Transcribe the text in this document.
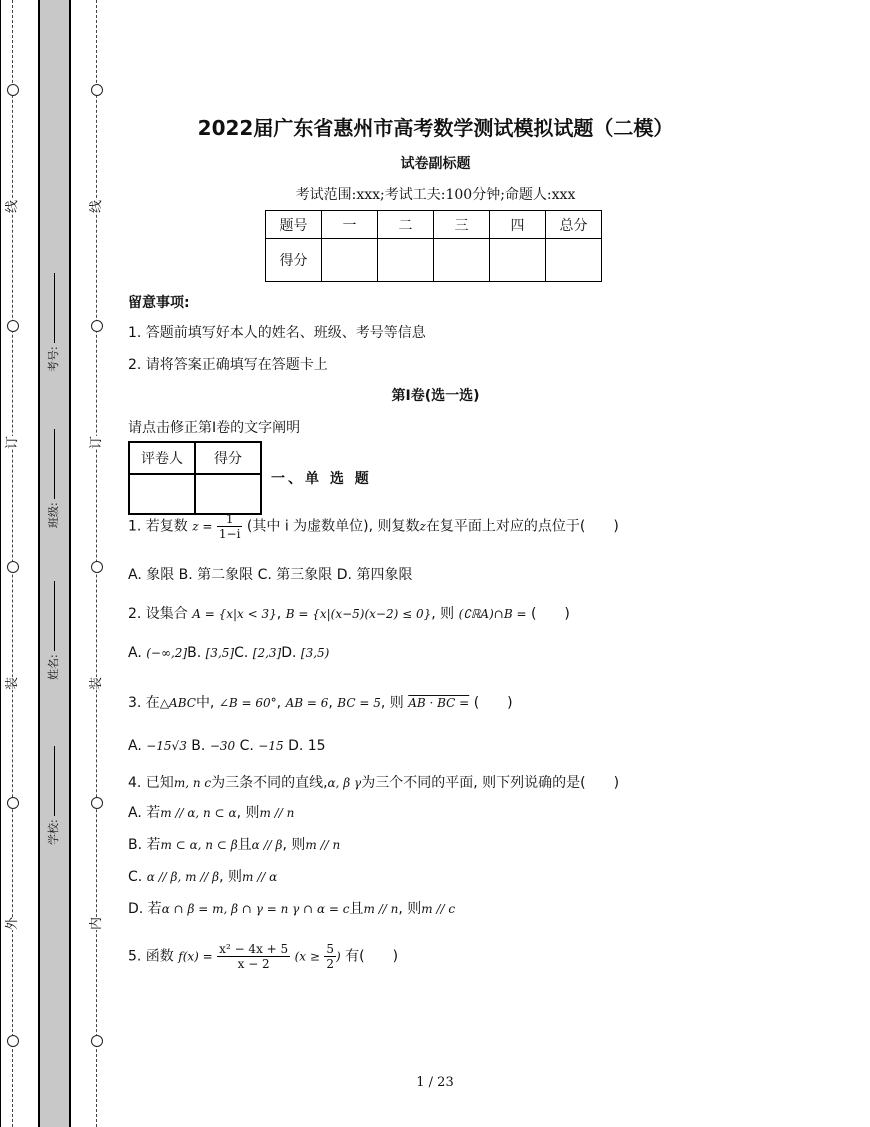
线
订
装
外
线
订
装
内
考号:
班级:
姓名:
学校:
2022届广东省惠州市高考数学测试模拟试题（二模）
试卷副标题
考试范围:xxx;考试工夫:100分钟;命题人:xxx
题号	一	二	三	四	总分
得分					
留意事项:
1. 答题前填写好本人的姓名、班级、考号等信息
2. 请将答案正确填写在答题卡上
第I卷(选一选)
请点击修正第I卷的文字阐明
评卷人	得分

一、单 选 题
1. 若复数 $z = \frac{1}{1-i}$ (其中 i 为虚数单位), 则复数z在复平面上对应的点位于(　　)
A. 象限 B. 第二象限 C. 第三象限 D. 第四象限
2. 设集合 A = {x|x < 3}, B = {x|(x−5)(x−2) ≤ 0}, 则 (∁ℝA)∩B = (　　)
A. (−∞,2]B. [3,5]C. [2,3]D. [3,5)
3. 在△ABC中, ∠B = 60°, AB = 6, BC = 5, 则 AB · BC = (　　)
A. −15√3 B. −30 C. −15 D. 15
4. 已知m, n c为三条不同的直线,α, β γ为三个不同的平面, 则下列说确的是(　　)
A. 若m // α, n ⊂ α, 则m // n
B. 若m ⊂ α, n ⊂ β且α // β, 则m // n
C. α // β, m // β, 则m // α
D. 若α ∩ β = m, β ∩ γ = n γ ∩ α = c且m // n, 则m // c
5. 函数 $f(x) = \frac{\text{x² − 4x + 5}}{x - 2} (x \ge \frac{5}{2}$ ) 有(　　)
1 / 23
